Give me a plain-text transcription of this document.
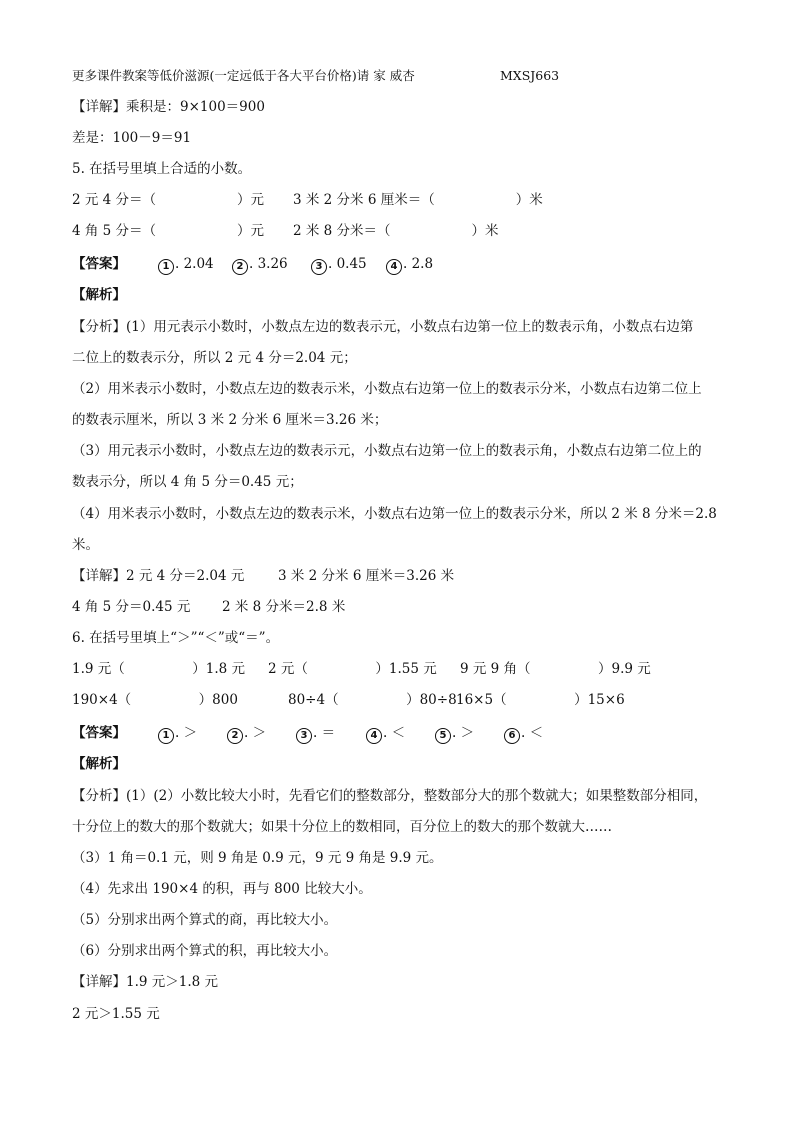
更多课件教案等低价滋源(一定远低于各大平台价格)请 家 威杏	MXSJ663
【详解】乘积是：9×100＝900
差是：100－9＝91
5. 在括号里填上合适的小数。
2 元 4 分＝（　　　　　　）元 3 米 2 分米 6 厘米＝（　　　　　　）米
4 角 5 分＝（　　　　　　）元 2 米 8 分米＝（　　　　　　）米
【答案】	1 . 2.04	2 . 3.26	3 . 0.45	4 . 2.8
【解析】
【分析】(1）用元表示小数时，小数点左边的数表示元，小数点右边第一位上的数表示角，小数点右边第
二位上的数表示分，所以 2 元 4 分＝2.04 元；
（2）用米表示小数时，小数点左边的数表示米，小数点右边第一位上的数表示分米，小数点右边第二位上
的数表示厘米，所以 3 米 2 分米 6 厘米＝3.26 米；
（3）用元表示小数时，小数点左边的数表示元，小数点右边第一位上的数表示角，小数点右边第二位上的
数表示分，所以 4 角 5 分＝0.45 元；
（4）用米表示小数时，小数点左边的数表示米，小数点右边第一位上的数表示分米，所以 2 米 8 分米＝2.8
米。
【详解】2 元 4 分＝2.04 元 3 米 2 分米 6 厘米＝3.26 米
4 角 5 分＝0.45 元 2 米 8 分米＝2.8 米
6. 在括号里填上“＞”“＜”或“＝”。
1.9 元（　　　　　）1.8 元 2 元（　　　　　）1.55 元 9 元 9 角（　　　　　）9.9 元
190×4（　　　　　）800	80÷4（　　　　　）80÷8 16×5（　　　　　）15×6
【答案】	1 . ＞	2 . ＞	3 . ＝	4 . ＜	5 . ＞	6 . ＜
【解析】
【分析】(1）(2）小数比较大小时，先看它们的整数部分，整数部分大的那个数就大；如果整数部分相同，
十分位上的数大的那个数就大；如果十分位上的数相同，百分位上的数大的那个数就大……
（3）1 角＝0.1 元，则 9 角是 0.9 元，9 元 9 角是 9.9 元。
（4）先求出 190×4 的积，再与 800 比较大小。
（5）分别求出两个算式的商，再比较大小。
（6）分别求出两个算式的积，再比较大小。
【详解】1.9 元＞1.8 元
2 元＞1.55 元
